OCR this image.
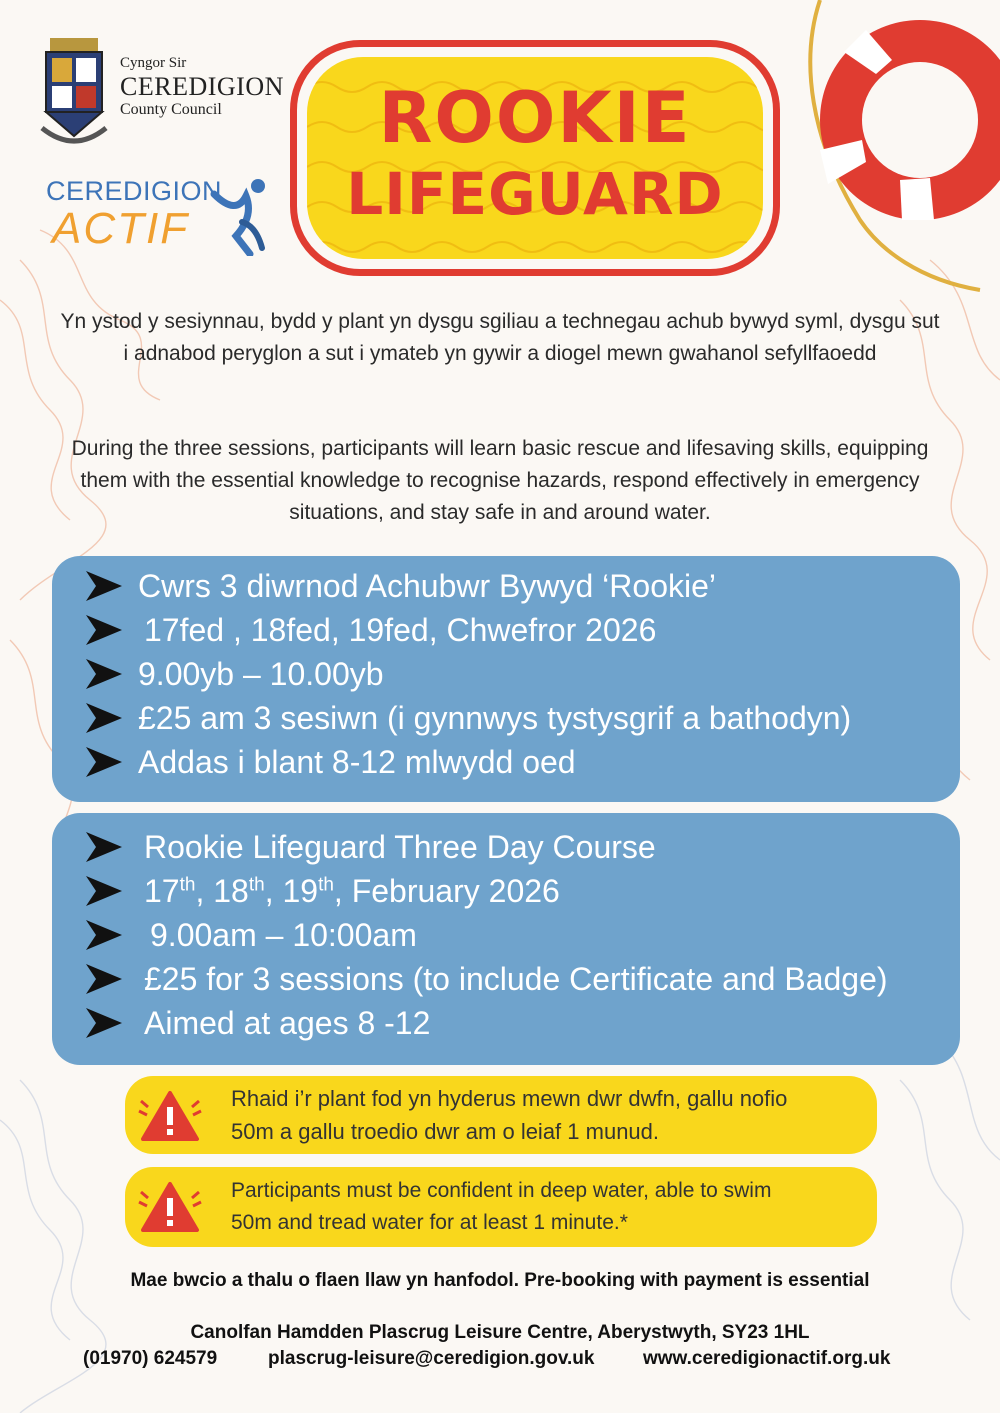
Cyngor Sir
CEREDIGION
County Council
CEREDIGION
ACTIF
ROOKIE
LIFEGUARD

Yn ystod y sesiynnau, bydd y plant yn dysgu sgiliau a technegau achub bywyd syml, dysgu sut i adnabod peryglon a sut i ymateb yn gywir a diogel mewn gwahanol sefyllfaoedd

During the three sessions, participants will learn basic rescue and lifesaving skills, equipping them with the essential knowledge to recognise hazards, respond effectively in emergency situations, and stay safe in and around water.

Cwrs 3 diwrnod Achubwr Bywyd ‘Rookie’
17fed , 18fed, 19fed, Chwefror 2026
9.00yb – 10.00yb
£25 am 3 sesiwn (i gynnwys tystysgrif a bathodyn)
Addas i blant 8-12 mlwydd oed
Rookie Lifeguard Three Day Course
17th, 18th, 19th, February 2026
9.00am – 10:00am
£25 for 3 sessions (to include Certificate and Badge)
Aimed at ages 8 -12
Rhaid i’r plant fod yn hyderus mewn dwr dwfn, gallu nofio
50m a gallu troedio dwr am o leiaf 1 munud.
Participants must be confident in deep water, able to swim
50m and tread water for at least 1 minute.*
Mae bwcio a thalu o flaen llaw yn hanfodol. Pre-booking with payment is essential
Canolfan Hamdden Plascrug Leisure Centre, Aberystwyth, SY23 1HL
(01970) 624579	plascrug-leisure@ceredigion.gov.uk	www.ceredigionactif.org.uk
